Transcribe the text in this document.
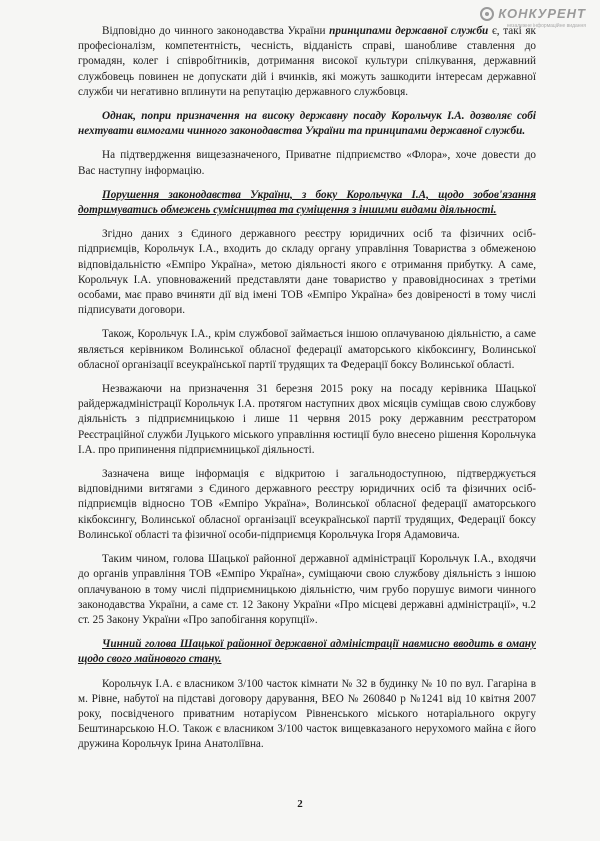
КОНКУРЕНТ
незалежне інформаційне видання

Відповідно до чинного законодавства України принципами державної служби є, такі як професіоналізм, компетентність, чесність, відданість справі, шанобливе ставлення до громадян, колег і співробітників, дотримання високої культури спілкування, державний службовець повинен не допускати дій і вчинків, які можуть зашкодити інтересам державної служби чи негативно вплинути на репутацію державного службовця.

Однак, попри призначення на високу державну посаду Корольчук І.А. дозволяє собі нехтувати вимогами чинного законодавства України та принципами державної служби.

На підтвердження вищезазначеного, Приватне підприємство «Флора», хоче довести до Вас наступну інформацію.

Порушення законодавства України, з боку Корольчука І.А, щодо зобов'язання дотримуватись обмежень сумісництва та суміщення з іншими видами діяльності.

Згідно даних з Єдиного державного реєстру юридичних осіб та фізичних осіб-підприємців, Корольчук І.А., входить до складу органу управління Товариства з обмеженою відповідальністю «Емпіро Україна», метою діяльності якого є отримання прибутку. А саме, Корольчук І.А. уповноважений представляти дане товариство у правовідносинах з третіми особами, має право вчиняти дії від імені ТОВ «Емпіро Україна» без довіреності в тому числі підписувати договори.

Також, Корольчук І.А., крім службової займається іншою оплачуваною діяльністю, а саме являється керівником Волинської обласної федерації аматорського кікбоксингу, Волинської обласної організації всеукраїнської партії трудящих та Федерації боксу Волинської області.

Незважаючи на призначення 31 березня 2015 року на посаду керівника Шацької райдержадміністрації Корольчук І.А. протягом наступних двох місяців суміщав свою службову діяльність з підприємницькою і лише 11 червня 2015 року державним реєстратором Реєстраційної служби Луцького міського управління юстиції було внесено рішення Корольчука І.А. про припинення підприємницької діяльності.

Зазначена вище інформація є відкритою і загальнодоступною, підтверджується відповідними витягами з Єдиного державного реєстру юридичних осіб та фізичних осіб-підприємців відносно ТОВ «Емпіро Україна», Волинської обласної федерації аматорського кікбоксингу, Волинської обласної організації всеукраїнської партії трудящих, Федерації боксу Волинської області та фізичної особи-підприємця Корольчука Ігоря Адамовича.

Таким чином, голова Шацької районної державної адміністрації Корольчук І.А., входячи до органів управління ТОВ «Емпіро Україна», суміщаючи свою службову діяльність з іншою оплачуваною в тому числі підприємницькою діяльністю, чим грубо порушує вимоги чинного законодавства України, а саме ст. 12 Закону України «Про місцеві державні адміністрації», ч.2 ст. 25 Закону України «Про запобігання корупції».

Чинний голова Шацької районної державної адміністрації навмисно вводить в оману щодо свого майнового стану.

Корольчук І.А. є власником 3/100 часток кімнати № 32 в будинку № 10 по вул. Гагаріна в м. Рівне, набутої на підставі договору дарування, ВЕО № 260840 р №1241 від 10 квітня 2007 року, посвідченого приватним нотаріусом Рівненського міського нотаріального округу Бештинарською Н.О. Також є власником 3/100 часток вищевказаного нерухомого майна є його дружина Корольчук Ірина Анатоліївна.

2
